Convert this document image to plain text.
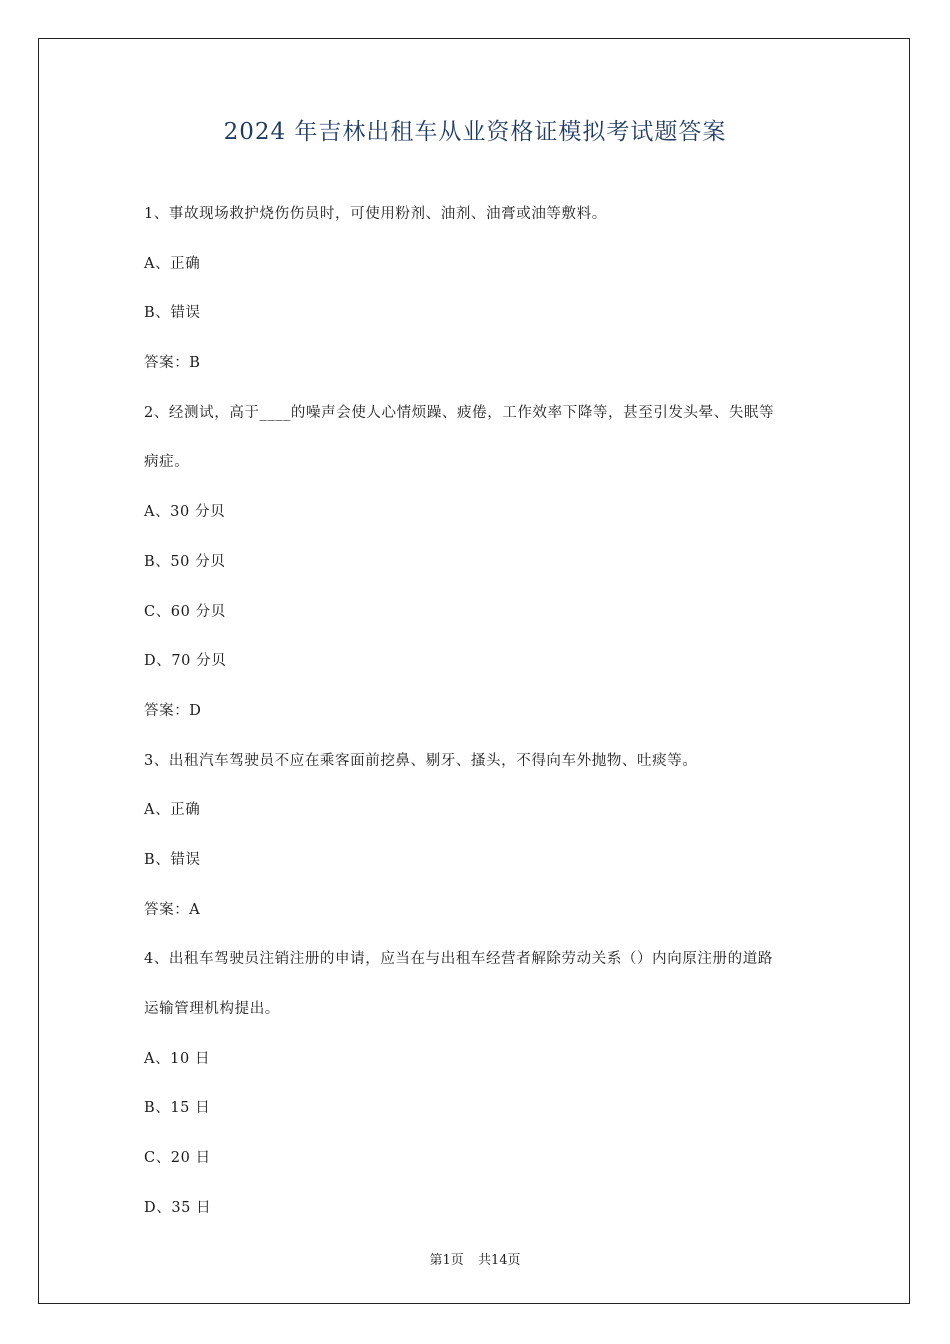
2024 年吉林出租车从业资格证模拟考试题答案
1、事故现场救护烧伤伤员时，可使用粉剂、油剂、油膏或油等敷料。
A、正确
B、错误
答案：B
2、经测试，高于____的噪声会使人心情烦躁、疲倦，工作效率下降等，甚至引发头晕、失眠等
病症。
A、30 分贝
B、50 分贝
C、60 分贝
D、70 分贝
答案：D
3、出租汽车驾驶员不应在乘客面前挖鼻、剔牙、搔头，不得向车外抛物、吐痰等。
A、正确
B、错误
答案：A
4、出租车驾驶员注销注册的申请，应当在与出租车经营者解除劳动关系（）内向原注册的道路
运输管理机构提出。
A、10 日
B、15 日
C、20 日
D、35 日
第1页 共14页
